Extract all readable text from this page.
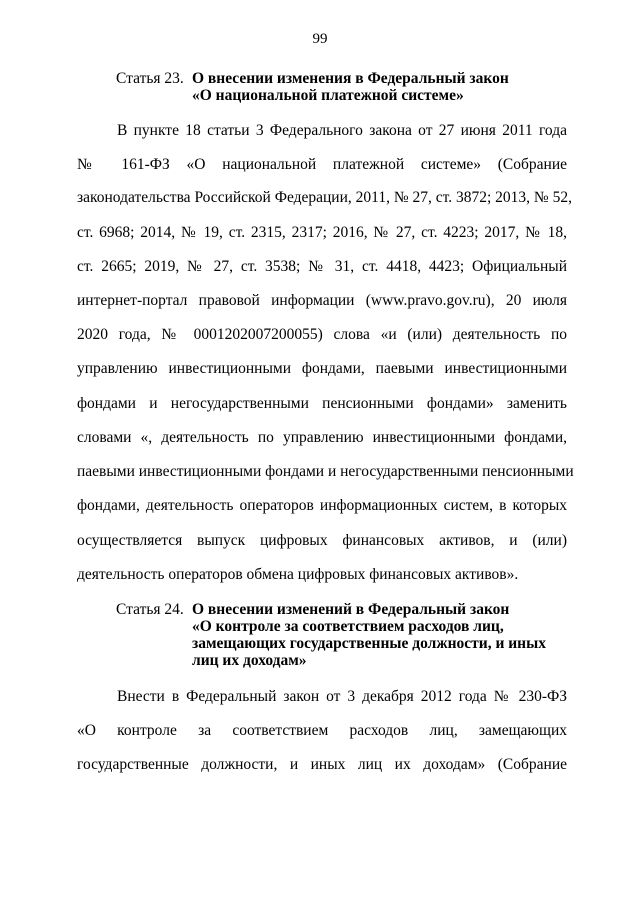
99
Статья 23. О внесении изменения в Федеральный закон
«О национальной платежной системе»
В пункте 18 статьи 3 Федерального закона от 27 июня 2011 года
№ 161-ФЗ «О национальной платежной системе» (Собрание
законодательства Российской Федерации, 2011, № 27, ст. 3872; 2013, № 52,
ст. 6968; 2014, № 19, ст. 2315, 2317; 2016, № 27, ст. 4223; 2017, № 18,
ст. 2665; 2019, № 27, ст. 3538; № 31, ст. 4418, 4423; Официальный
интернет-портал правовой информации (www.pravo.gov.ru), 20 июля
2020 года, № 0001202007200055) слова «и (или) деятельность по
управлению инвестиционными фондами, паевыми инвестиционными
фондами и негосударственными пенсионными фондами» заменить
словами «, деятельность по управлению инвестиционными фондами,
паевыми инвестиционными фондами и негосударственными пенсионными
фондами, деятельность операторов информационных систем, в которых
осуществляется выпуск цифровых финансовых активов, и (или)
деятельность операторов обмена цифровых финансовых активов».
Статья 24. О внесении изменений в Федеральный закон
«О контроле за соответствием расходов лиц,
замещающих государственные должности, и иных
лиц их доходам»
Внести в Федеральный закон от 3 декабря 2012 года № 230-ФЗ
«О контроле за соответствием расходов лиц, замещающих
государственные должности, и иных лиц их доходам» (Собрание
